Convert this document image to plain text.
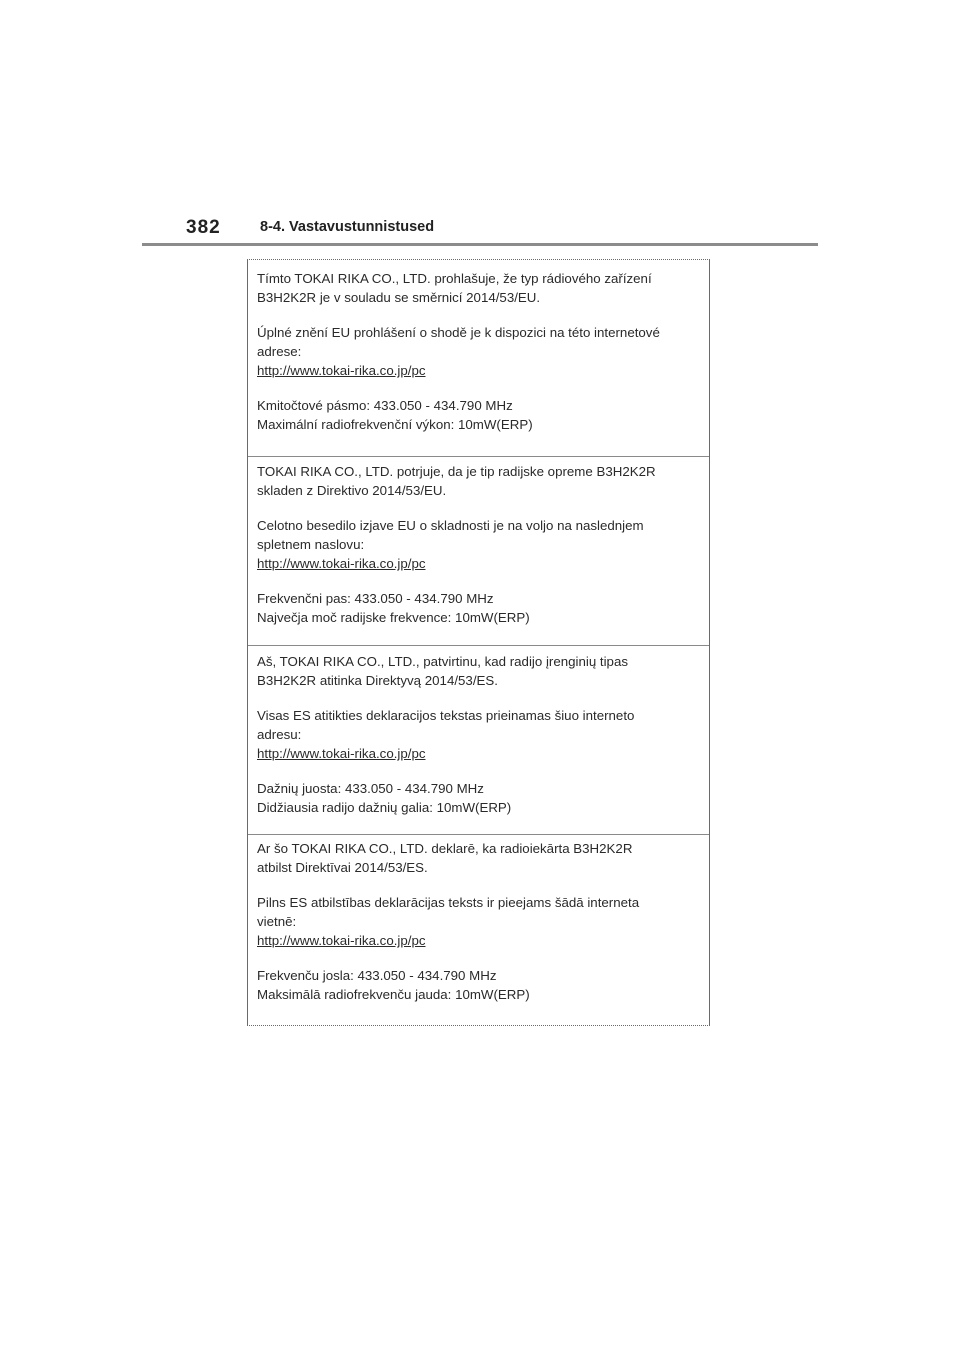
382	8-4. Vastavustunnistused
Tímto TOKAI RIKA CO., LTD. prohlašuje, že typ rádiového zařízení
B3H2K2R je v souladu se směrnicí 2014/53/EU.
Úplné znění EU prohlášení o shodě je k dispozici na této internetové
adrese:
http://www.tokai-rika.co.jp/pc
Kmitočtové pásmo: 433.050 - 434.790 MHz
Maximální radiofrekvenční výkon: 10mW(ERP)
TOKAI RIKA CO., LTD. potrjuje, da je tip radijske opreme B3H2K2R
skladen z Direktivo 2014/53/EU.
Celotno besedilo izjave EU o skladnosti je na voljo na naslednjem
spletnem naslovu:
http://www.tokai-rika.co.jp/pc
Frekvenčni pas: 433.050 - 434.790 MHz
Največja moč radijske frekvence: 10mW(ERP)
Aš, TOKAI RIKA CO., LTD., patvirtinu, kad radijo įrenginių tipas
B3H2K2R atitinka Direktyvą 2014/53/ES.
Visas ES atitikties deklaracijos tekstas prieinamas šiuo interneto
adresu:
http://www.tokai-rika.co.jp/pc
Dažnių juosta: 433.050 - 434.790 MHz
Didžiausia radijo dažnių galia: 10mW(ERP)
Ar šo TOKAI RIKA CO., LTD. deklarē, ka radioiekārta B3H2K2R
atbilst Direktīvai 2014/53/ES.
Pilns ES atbilstības deklarācijas teksts ir pieejams šādā interneta
vietnē:
http://www.tokai-rika.co.jp/pc
Frekvenču josla: 433.050 - 434.790 MHz
Maksimālā radiofrekvenču jauda: 10mW(ERP)
